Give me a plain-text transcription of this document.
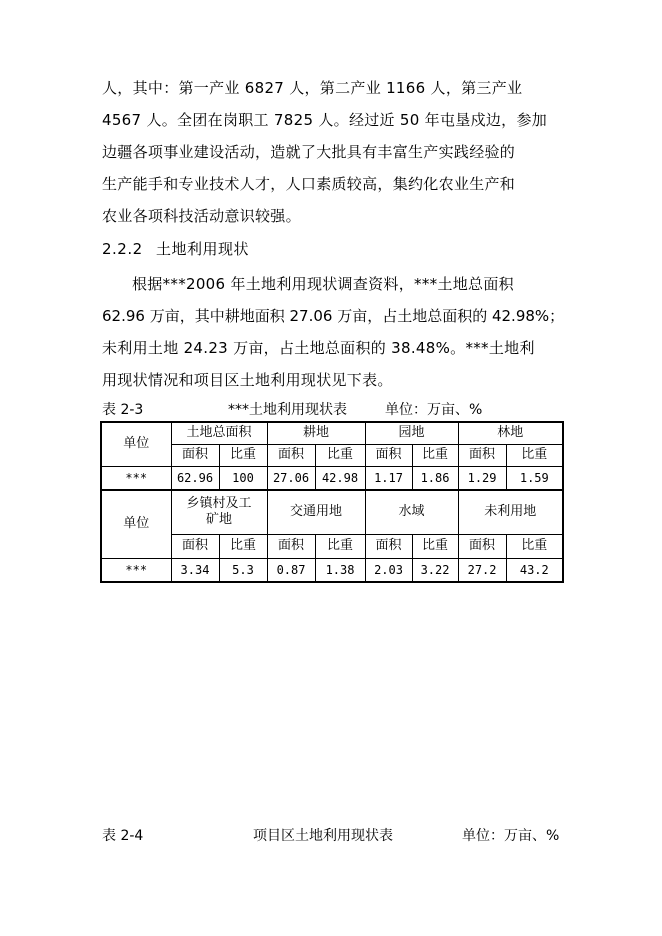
人，其中：第一产业 6827 人，第二产业 1166 人，第三产业
4567 人。全团在岗职工 7825 人。经过近 50 年屯垦戍边，参加
边疆各项事业建设活动，造就了大批具有丰富生产实践经验的
生产能手和专业技术人才，人口素质较高，集约化农业生产和
农业各项科技活动意识较强。
2.2.2 土地利用现状
根据***2006 年土地利用现状调查资料，***土地总面积
62.96 万亩，其中耕地面积 27.06 万亩，占土地总面积的 42.98%；
未利用土地 24.23 万亩，占土地总面积的 38.48%。***土地利
用现状情况和项目区土地利用现状见下表。
表 2-3	***土地利用现状表	单位：万亩、%
单位	土地总面积		耕地		园地		林地	
	面积	比重	面积	比重	面积	比重	面积	比重
***	62.96	100	27.06	42.98	1.17	1.86	1.29	1.59
单位	乡镇村及工矿地		交通用地		水域		未利用地	
	面积	比重	面积	比重	面积	比重	面积	比重
***	3.34	5.3	0.87	1.38	2.03	3.22	27.2	43.2
表 2-4	项目区土地利用现状表	单位：万亩、%
